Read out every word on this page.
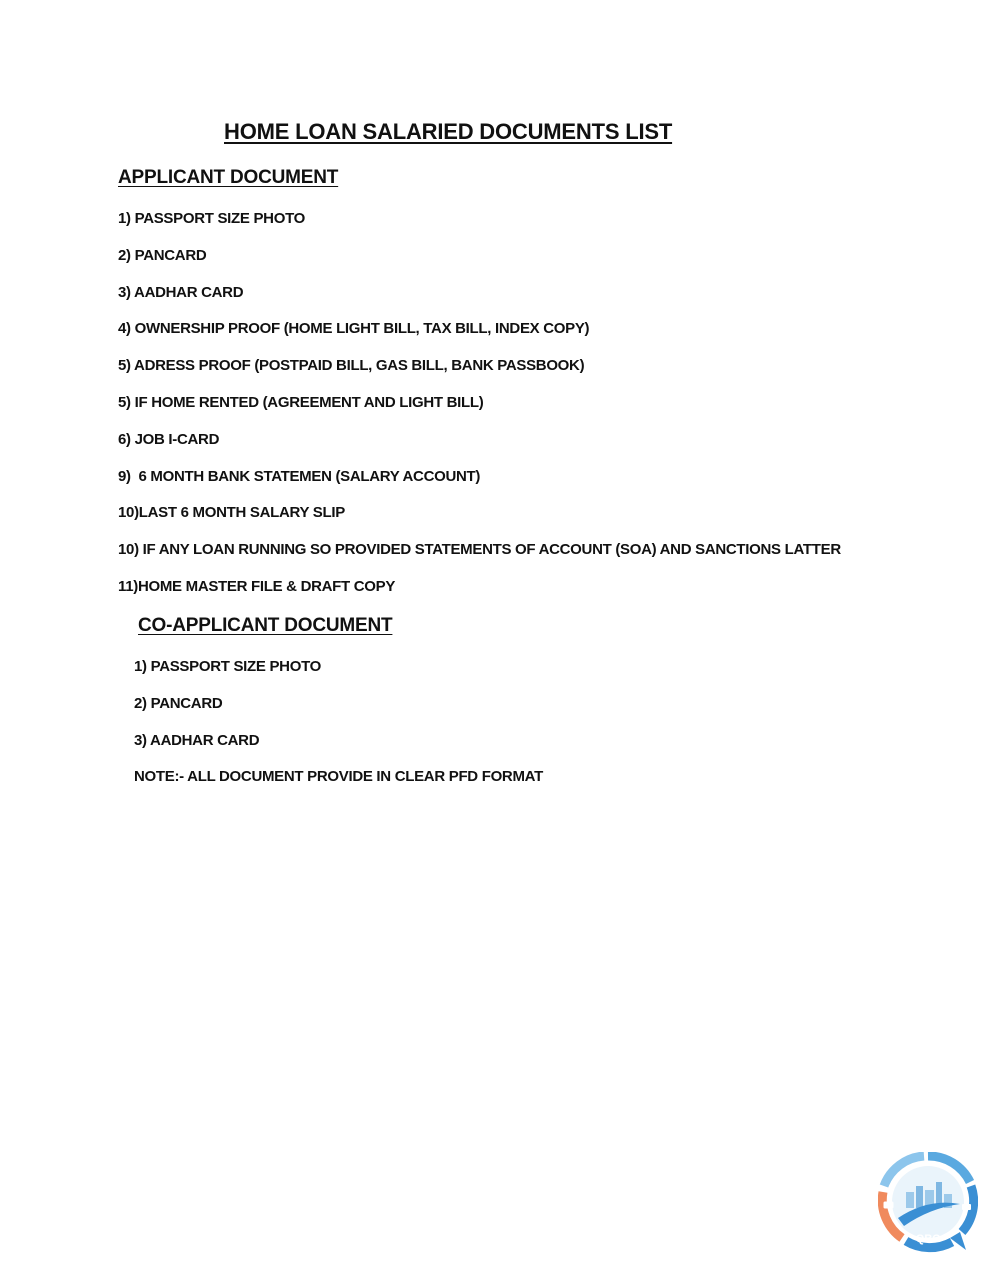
HOME LOAN SALARIED DOCUMENTS LIST
APPLICANT DOCUMENT
1) PASSPORT SIZE PHOTO
2) PANCARD
3) AADHAR CARD
4) OWNERSHIP PROOF (HOME LIGHT BILL, TAX BILL, INDEX COPY)
5) ADRESS PROOF (POSTPAID BILL, GAS BILL, BANK PASSBOOK)
5) IF HOME RENTED (AGREEMENT AND LIGHT BILL)
6) JOB I-CARD
9)  6 MONTH BANK STATEMEN (SALARY ACCOUNT)
10)LAST 6 MONTH SALARY SLIP
10) IF ANY LOAN RUNNING SO PROVIDED STATEMENTS OF ACCOUNT (SOA) AND SANCTIONS LATTER
11)HOME MASTER FILE & DRAFT COPY
CO-APPLICANT DOCUMENT
1) PASSPORT SIZE PHOTO
2) PANCARD
3) AADHAR CARD
NOTE:- ALL DOCUMENT PROVIDE IN CLEAR PFD FORMAT
QBC
